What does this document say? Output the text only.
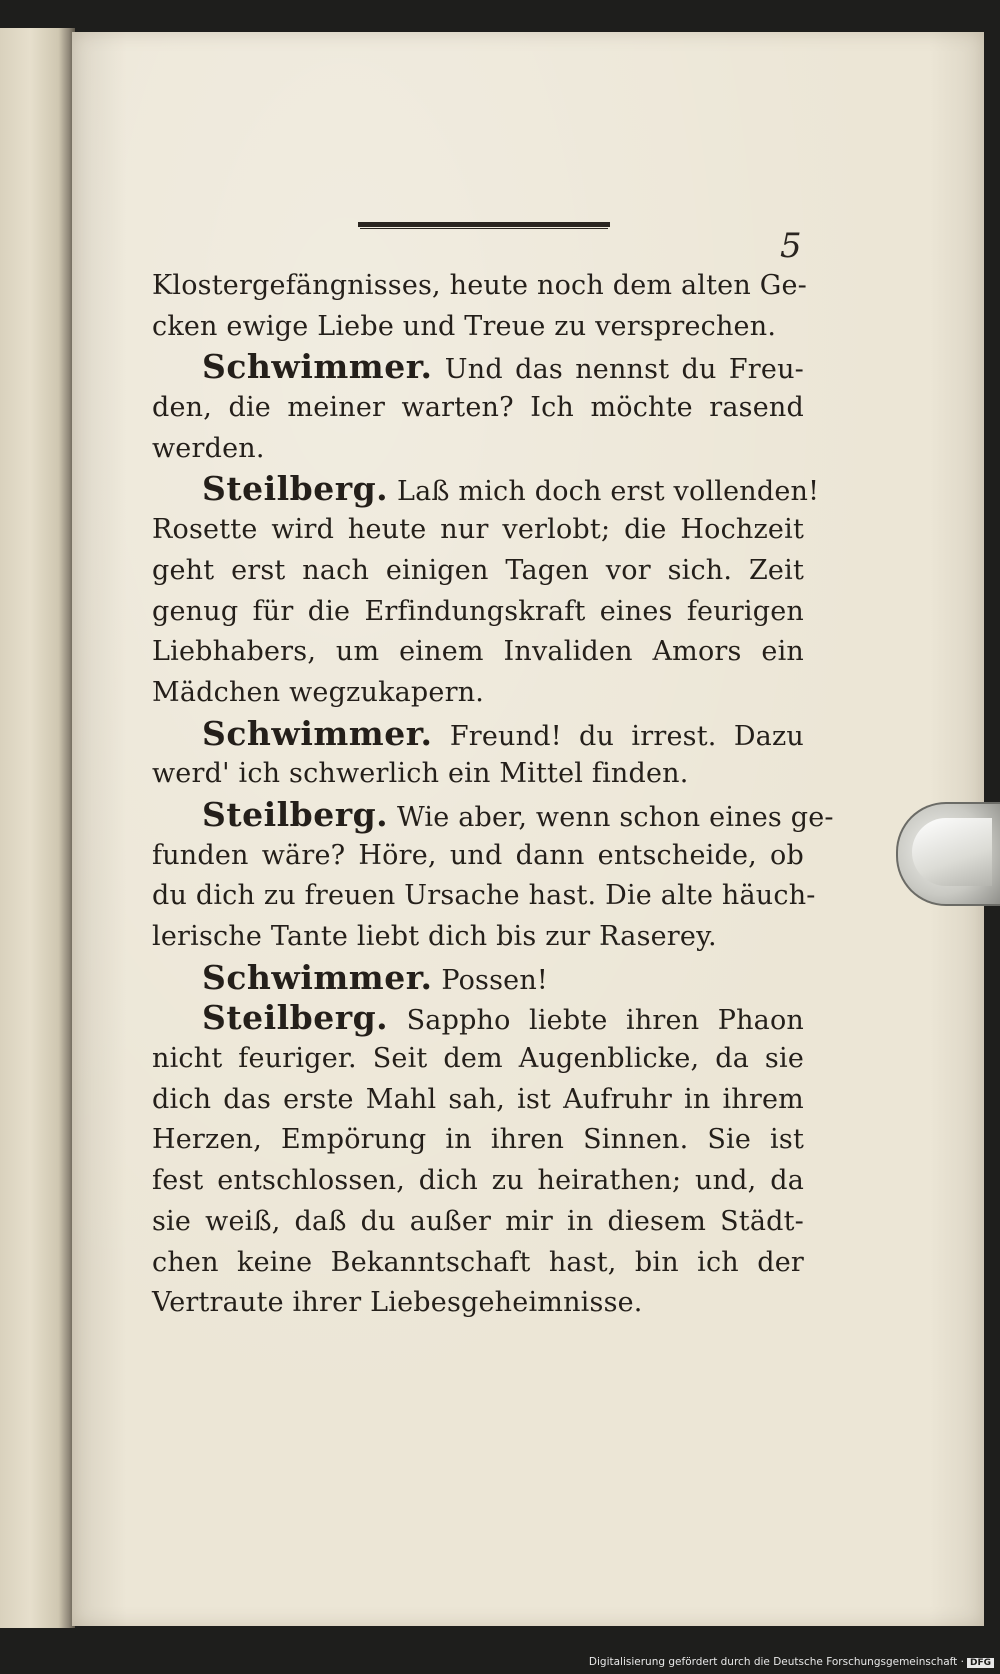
5
Klostergefängnisses, heute noch dem alten Ge-
cken ewige Liebe und Treue zu versprechen.
Schwimmer. Und das nennst du Freu-
den, die meiner warten? Ich möchte rasend
werden.
Steilberg. Laß mich doch erst vollenden!
Rosette wird heute nur verlobt; die Hochzeit
geht erst nach einigen Tagen vor sich. Zeit
genug für die Erfindungskraft eines feurigen
Liebhabers, um einem Invaliden Amors ein
Mädchen wegzukapern.
Schwimmer. Freund! du irrest. Dazu
werd' ich schwerlich ein Mittel finden.
Steilberg. Wie aber, wenn schon eines ge-
funden wäre? Höre, und dann entscheide, ob
du dich zu freuen Ursache hast. Die alte häuch-
lerische Tante liebt dich bis zur Raserey.
Schwimmer. Possen!
Steilberg. Sappho liebte ihren Phaon
nicht feuriger. Seit dem Augenblicke, da sie
dich das erste Mahl sah, ist Aufruhr in ihrem
Herzen, Empörung in ihren Sinnen. Sie ist
fest entschlossen, dich zu heirathen; und, da
sie weiß, daß du außer mir in diesem Städt-
chen keine Bekanntschaft hast, bin ich der
Vertraute ihrer Liebesgeheimnisse.
Digitalisierung gefördert durch die Deutsche Forschungsgemeinschaft · DFG
